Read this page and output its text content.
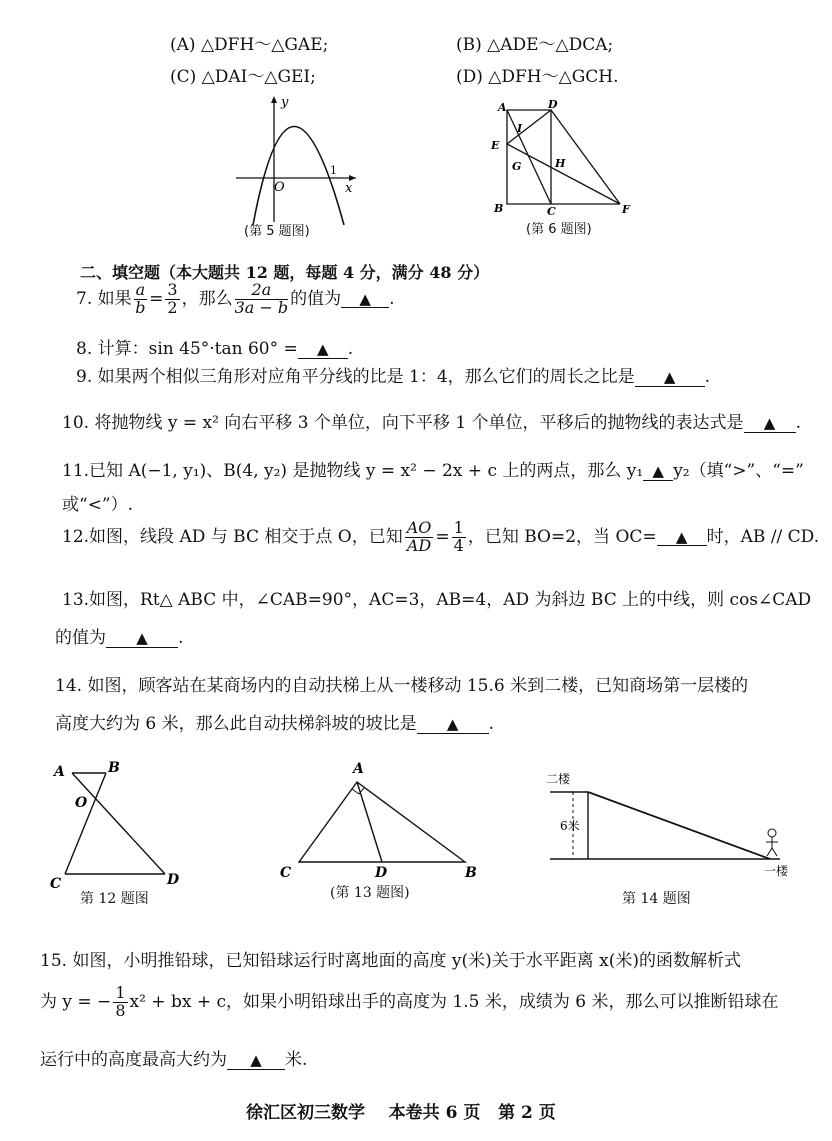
(A) △DFH～△GAE;	(B) △ADE～△DCA;
(C) △DAI～△GEI;	(D) △DFH～△GCH.
y
x
O
1
(第 5 题图)
A	D
I
E
G	H
B	C	F
(第 6 题图)
二、填空题（本大题共 12 题，每题 4 分，满分 48 分）
7. 如果 $\frac{a}{b} = \frac{3}{2}$ ，那么 $\frac{2a}{3a - b}$ 的值为 ▲ .
8. 计算：sin 45°·tan 60° = ▲ .
9. 如果两个相似三角形对应角平分线的比是 1：4，那么它们的周长之比是 ▲ .
10. 将抛物线 y = x² 向右平移 3 个单位，向下平移 1 个单位，平移后的抛物线的表达式是 ▲ .
11.已知 A(−1, y₁)、B(4, y₂) 是抛物线 y = x² − 2x + c 上的两点，那么 y₁ ▲ y₂（填“>”、“=”
或“<”）.
12.如图，线段 AD 与 BC 相交于点 O，已知 $\frac{AO}{AD} = \frac{1}{4}$ ，已知 BO=2，当 OC= ▲ 时，AB // CD.
13.如图，Rt△ ABC 中，∠CAB=90°，AC=3，AB=4，AD 为斜边 BC 上的中线，则 cos∠CAD
的值为 ▲ .
14. 如图，顾客站在某商场内的自动扶梯上从一楼移动 15.6 米到二楼，已知商场第一层楼的
高度大约为 6 米，那么此自动扶梯斜坡的坡比是 ▲ .
A	B
O
C	D
第 12 题图
A
C	D	B
(第 13 题图)
二楼
6米
一楼
第 14 题图
15. 如图，小明推铅球，已知铅球运行时离地面的高度 y(米)关于水平距离 x(米)的函数解析式
为 y = − $\frac{1}{8} x^2$ + bx + c，如果小明铅球出手的高度为 1.5 米，成绩为 6 米，那么可以推断铅球在
运行中的高度最高大约为 ▲ 米.
徐汇区初三数学    本卷共 6 页   第 2 页
